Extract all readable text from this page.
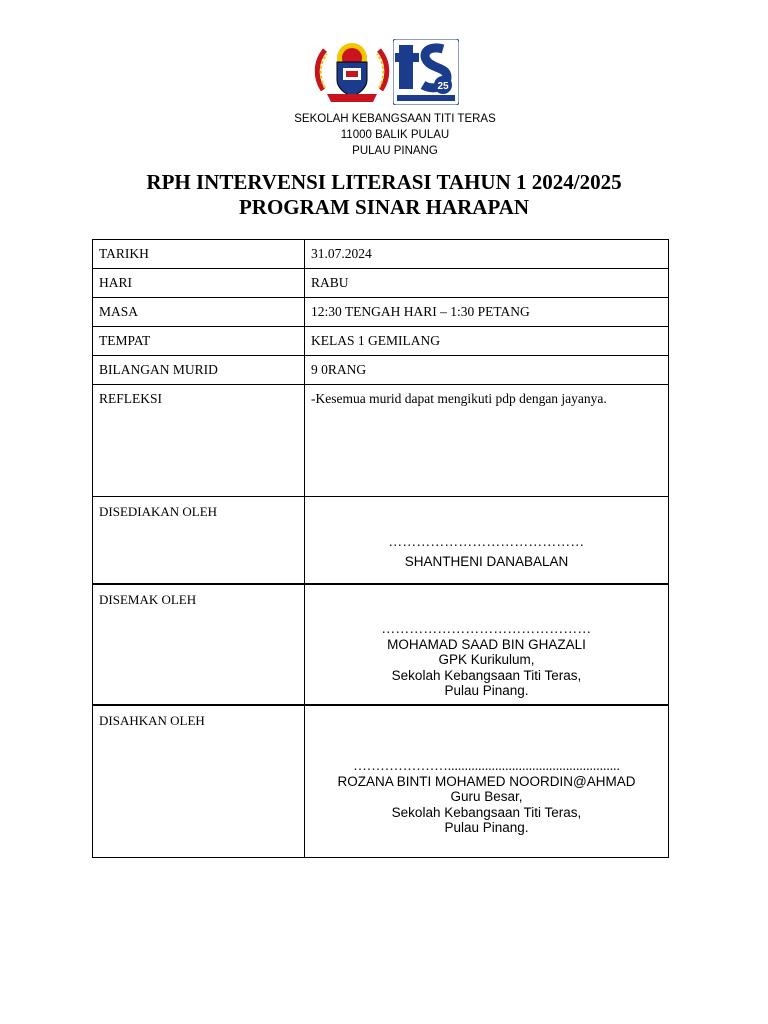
25
SEKOLAH KEBANGSAAN TITI TERAS
11000 BALIK PULAU
PULAU PINANG
RPH INTERVENSI LITERASI TAHUN 1 2024/2025
PROGRAM SINAR HARAPAN
TARIKH	31.07.2024
HARI	RABU
MASA	12:30 TENGAH HARI – 1:30 PETANG
TEMPAT	KELAS 1 GEMILANG
BILANGAN MURID	9 0RANG
REFLEKSI	-Kesemua murid dapat mengikuti pdp dengan jayanya.

DISEDIAKAN OLEH	……………………………………
SHANTHENI DANABALAN

DISEMAK OLEH	………………………………………
MOHAMAD SAAD BIN GHAZALI
GPK Kurikulum,
Sekolah Kebangsaan Titi Teras,
Pulau Pinang.

DISAHKAN OLEH	…………………...................................................
ROZANA BINTI MOHAMED NOORDIN@AHMAD
Guru Besar,
Sekolah Kebangsaan Titi Teras,
Pulau Pinang.
